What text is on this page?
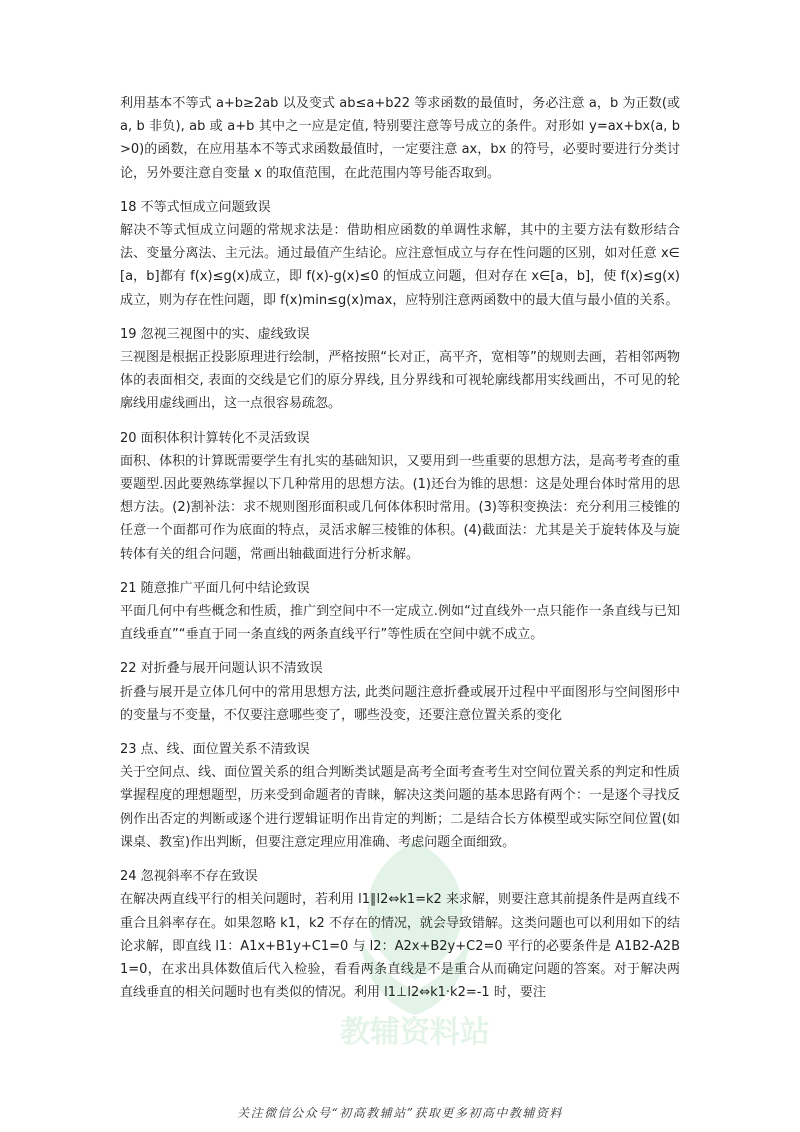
教辅资料站

利用基本不等式 a+b≥2ab 以及变式 ab≤a+b22 等求函数的最值时，务必注意 a，b 为正数(或 a, b 非负), ab 或 a+b 其中之一应是定值, 特别要注意等号成立的条件。对形如 y=ax+bx(a, b>0)的函数，在应用基本不等式求函数最值时，一定要注意 ax，bx 的符号，必要时要进行分类讨论，另外要注意自变量 x 的取值范围，在此范围内等号能否取到。

18 不等式恒成立问题致误

解决不等式恒成立问题的常规求法是：借助相应函数的单调性求解，其中的主要方法有数形结合法、变量分离法、主元法。通过最值产生结论。应注意恒成立与存在性问题的区别，如对任意 x∈[a，b]都有 f(x)≤g(x)成立，即 f(x)-g(x)≤0 的恒成立问题，但对存在 x∈[a，b]，使 f(x)≤g(x)成立，则为存在性问题，即 f(x)min≤g(x)max，应特别注意两函数中的最大值与最小值的关系。

19 忽视三视图中的实、虚线致误

三视图是根据正投影原理进行绘制，严格按照“长对正，高平齐，宽相等”的规则去画，若相邻两物体的表面相交, 表面的交线是它们的原分界线, 且分界线和可视轮廓线都用实线画出，不可见的轮廓线用虚线画出，这一点很容易疏忽。

20 面积体积计算转化不灵活致误

面积、体积的计算既需要学生有扎实的基础知识，又要用到一些重要的思想方法，是高考考查的重要题型.因此要熟练掌握以下几种常用的思想方法。(1)还台为锥的思想：这是处理台体时常用的思想方法。(2)割补法：求不规则图形面积或几何体体积时常用。(3)等积变换法：充分利用三棱锥的任意一个面都可作为底面的特点，灵活求解三棱锥的体积。(4)截面法：尤其是关于旋转体及与旋转体有关的组合问题，常画出轴截面进行分析求解。

21 随意推广平面几何中结论致误

平面几何中有些概念和性质，推广到空间中不一定成立.例如“过直线外一点只能作一条直线与已知直线垂直”“垂直于同一条直线的两条直线平行”等性质在空间中就不成立。

22 对折叠与展开问题认识不清致误

折叠与展开是立体几何中的常用思想方法, 此类问题注意折叠或展开过程中平面图形与空间图形中的变量与不变量，不仅要注意哪些变了，哪些没变，还要注意位置关系的变化

23 点、线、面位置关系不清致误

关于空间点、线、面位置关系的组合判断类试题是高考全面考查考生对空间位置关系的判定和性质掌握程度的理想题型，历来受到命题者的青睐，解决这类问题的基本思路有两个：一是逐个寻找反例作出否定的判断或逐个进行逻辑证明作出肯定的判断；二是结合长方体模型或实际空间位置(如课桌、教室)作出判断，但要注意定理应用准确、考虑问题全面细致。

24 忽视斜率不存在致误

在解决两直线平行的相关问题时，若利用 l1∥l2⇔k1=k2 来求解，则要注意其前提条件是两直线不重合且斜率存在。如果忽略 k1，k2 不存在的情况，就会导致错解。这类问题也可以利用如下的结论求解，即直线 l1：A1x+B1y+C1=0 与 l2：A2x+B2y+C2=0 平行的必要条件是 A1B2-A2B1=0，在求出具体数值后代入检验，看看两条直线是不是重合从而确定问题的答案。对于解决两直线垂直的相关问题时也有类似的情况。利用 l1⊥l2⇔k1·k2=-1 时，要注

关注微信公众号“初高教辅站”获取更多初高中教辅资料
